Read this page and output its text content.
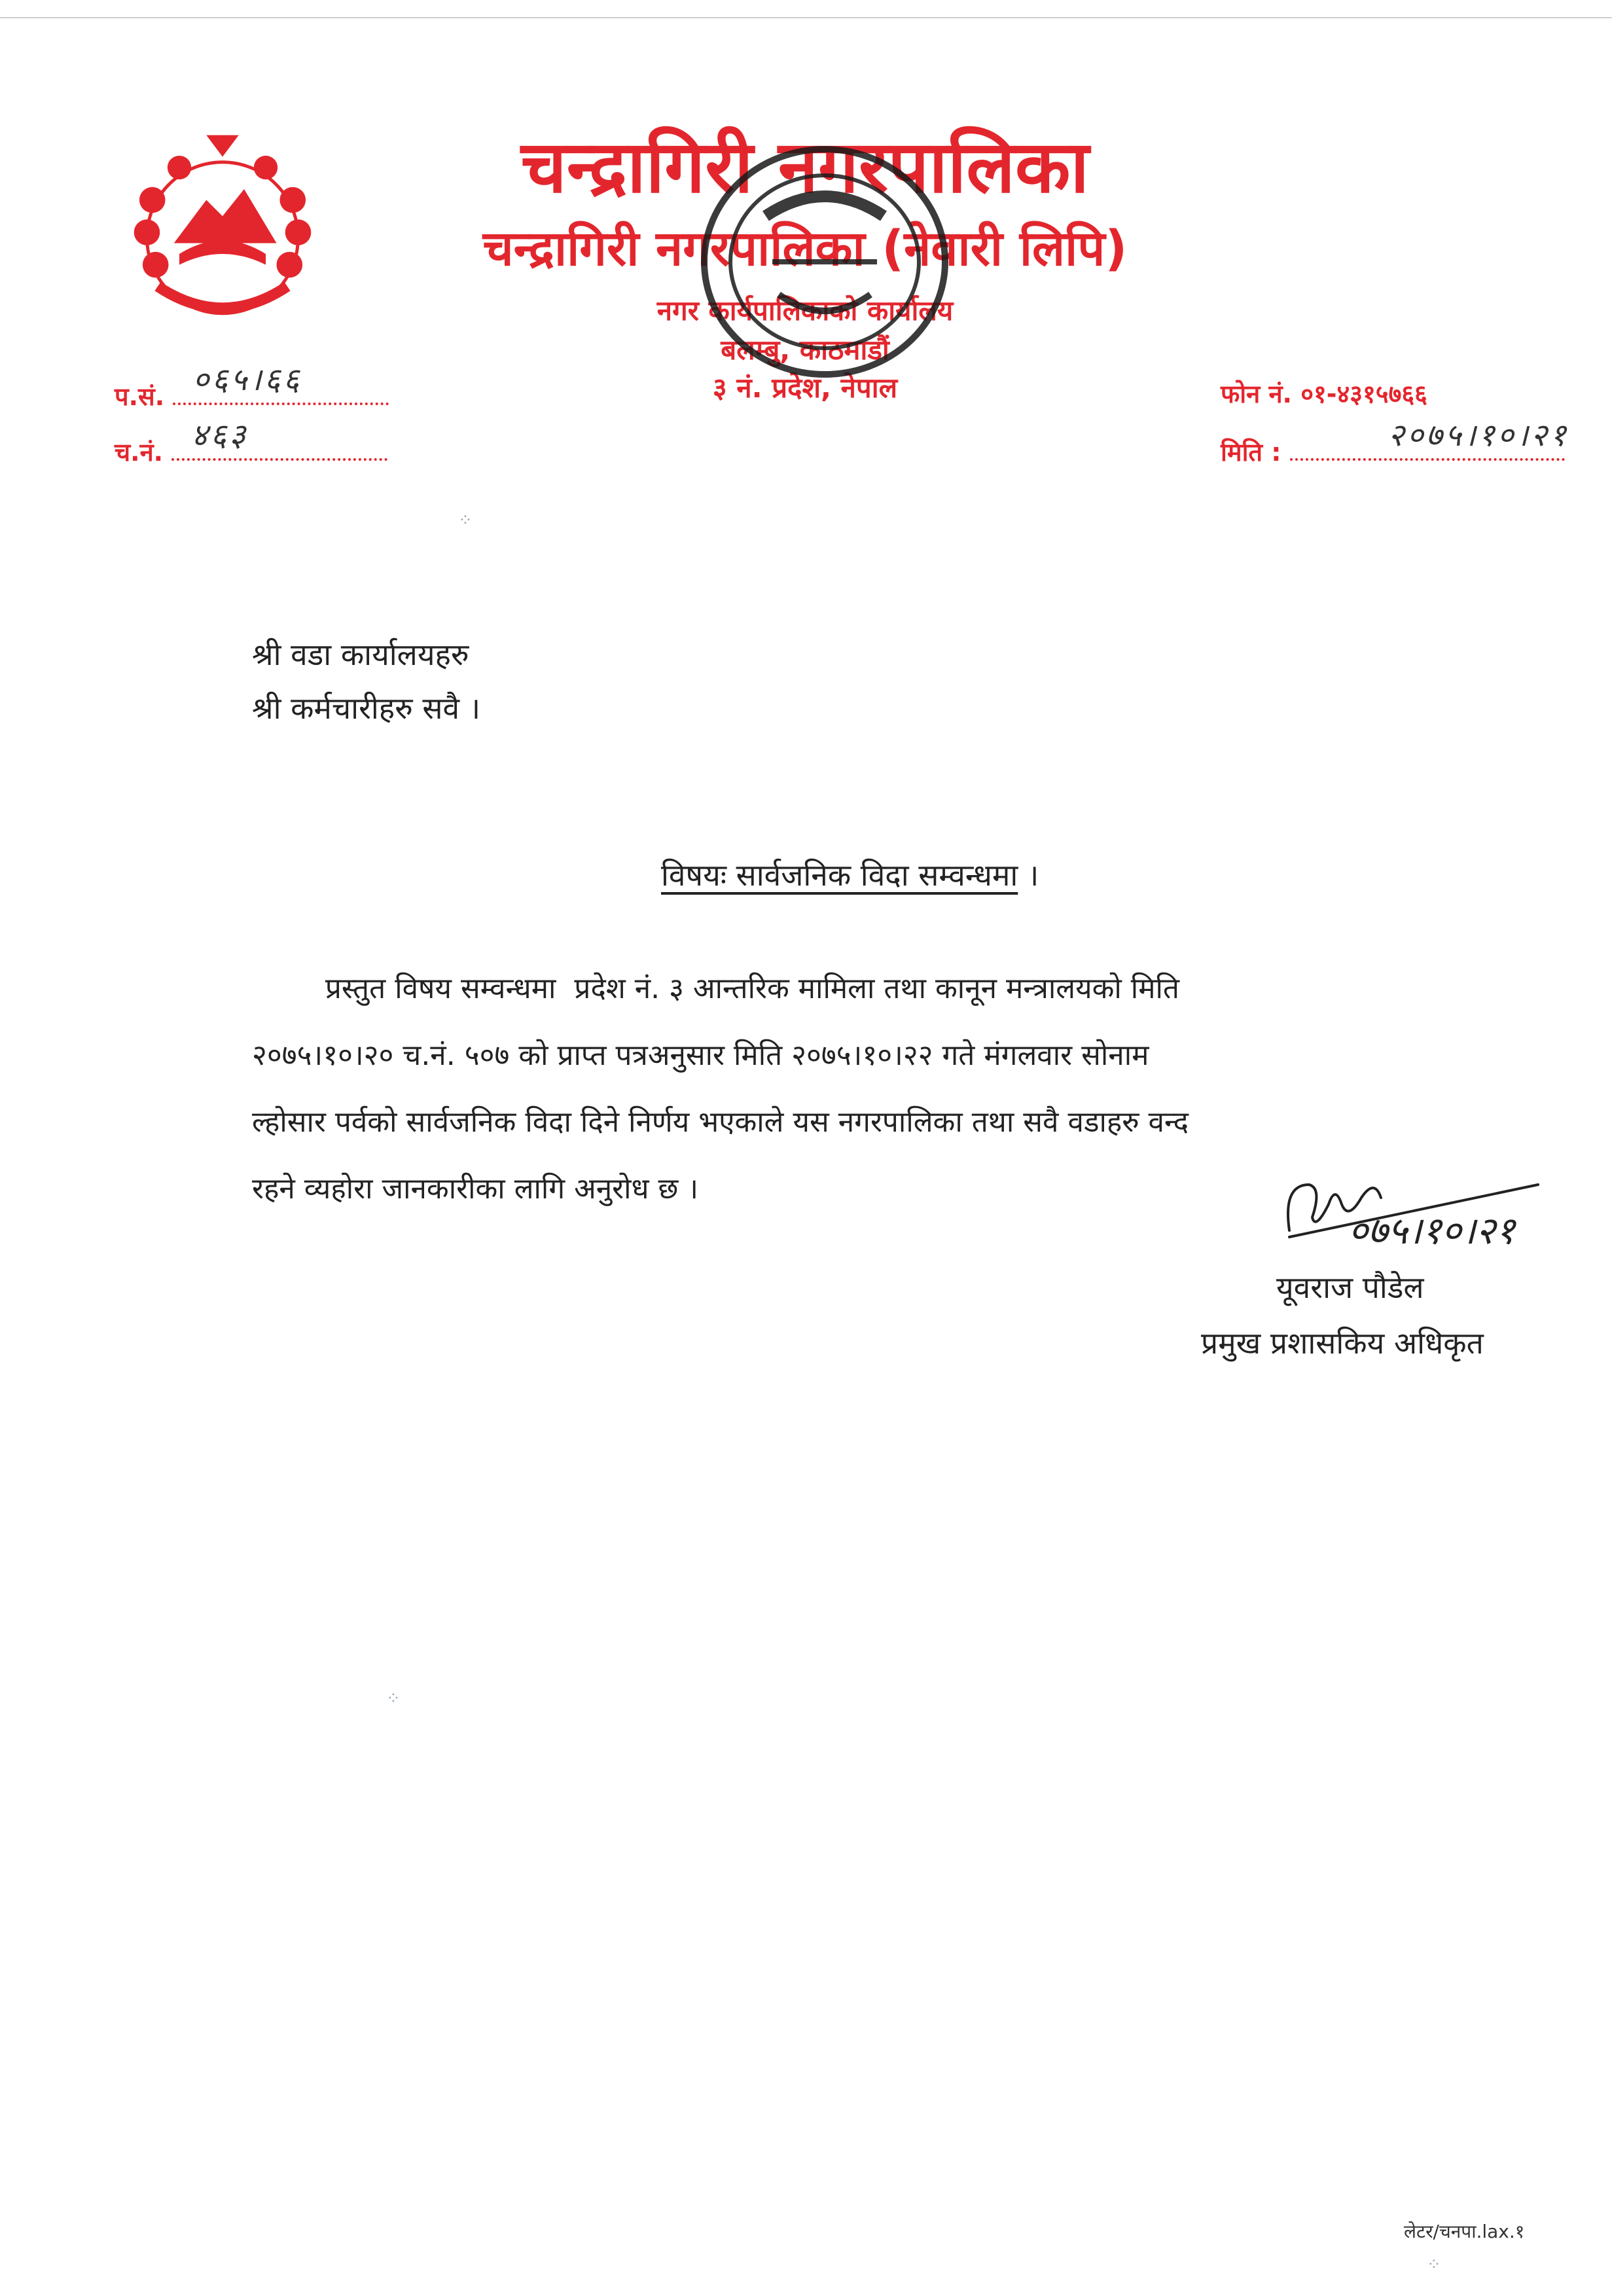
चन्द्रागिरी नगरपालिका
चन्द्रागिरी नगरपालिका (नेवारी लिपि)
नगर कार्यपालिकाको कार्यालय
बलम्बु, काठमाडौं
३ नं. प्रदेश, नेपाल
प.सं. ०६५।६६
च.नं. ४६३
फोन नं. ०१-४३१५७६६
मिति :	२०७५।१०।२१
श्री वडा कार्यालयहरु
श्री कर्मचारीहरु सवै ।
विषयः सार्वजनिक विदा सम्वन्धमा ।
प्रस्तुत विषय सम्वन्धमा  प्रदेश नं. ३ आन्तरिक मामिला तथा कानून मन्त्रालयको मिति
२०७५।१०।२० च.नं. ५०७ को प्राप्त पत्रअनुसार मिति २०७५।१०।२२ गते मंगलवार सोनाम
ल्होसार पर्वको सार्वजनिक विदा दिने निर्णय भएकाले यस नगरपालिका तथा सवै वडाहरु वन्द
रहने व्यहोरा जानकारीका लागि अनुरोध छ ।
०७५।१०।२१
यूवराज पौडेल
प्रमुख प्रशासकिय अधिकृत
लेटर/चनपा.lax.१
⁘
⁘
⁘
